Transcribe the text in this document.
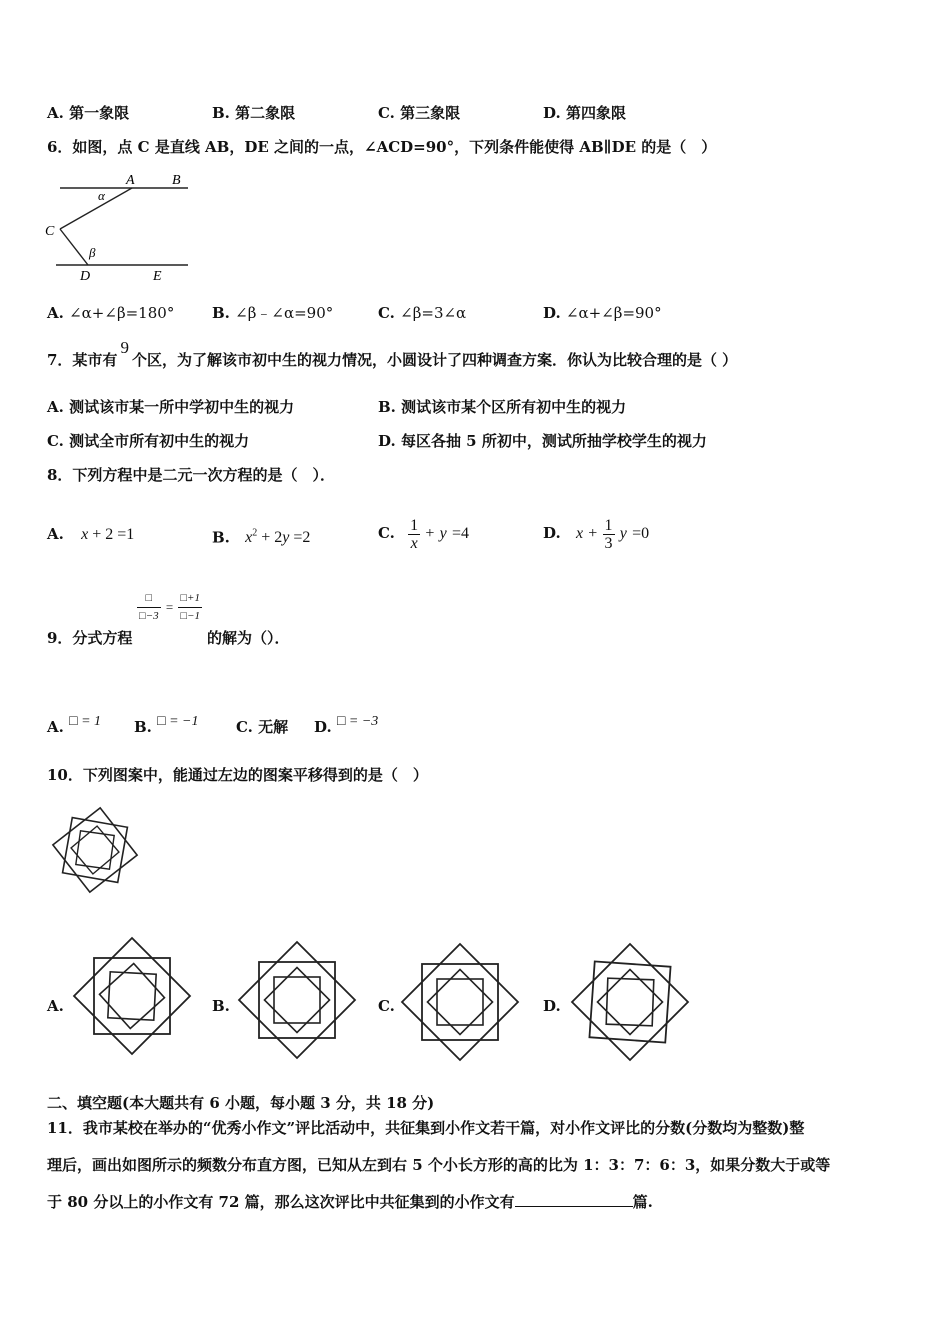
A. 第一象限	B. 第二象限	C. 第三象限	D. 第四象限
6．如图，点 C 是直线 AB，DE 之间的一点，∠ACD=90°，下列条件能使得 AB∥DE 的是（　）
A	B
C
D	E
α
β
A. ∠α+∠β=180°	B. ∠β﹣∠α=90°	C. ∠β=3∠α	D. ∠α+∠β=90°
7．某市有9个区，为了解该市初中生的视力情况，小圆设计了四种调查方案．你认为比较合理的是（ ）
A. 测试该市某一所中学初中生的视力	B. 测试该市某个区所有初中生的视力
C. 测试全市所有初中生的视力	D. 每区各抽 5 所初中，测试所抽学校学生的视力
8．下列方程中是二元一次方程的是（　）．
A. x + 2 =1	B. $x^2 + 2y =2$	C. $\frac{1}{x} + y =4$	D. $x + \frac{1}{3}$ y =0
$\frac{□}{□-3} = \frac{□+1}{□-1}$
9．分式方程	的解为（）．
A. □ = 1 B. □ = −1	C. 无解 D. □ = −3
10．下列图案中，能通过左边的图案平移得到的是（　）
A.	B.	C.	D.
二、填空题(本大题共有 6 小题，每小题 3 分，共 18 分)
11．我市某校在举办的“优秀小作文”评比活动中，共征集到小作文若干篇，对小作文评比的分数(分数均为整数)整
理后，画出如图所示的频数分布直方图，已知从左到右 5 个小长方形的高的比为 1：3：7：6：3，如果分数大于或等
于 80 分以上的小作文有 72 篇，那么这次评比中共征集到的小作文有	篇.
